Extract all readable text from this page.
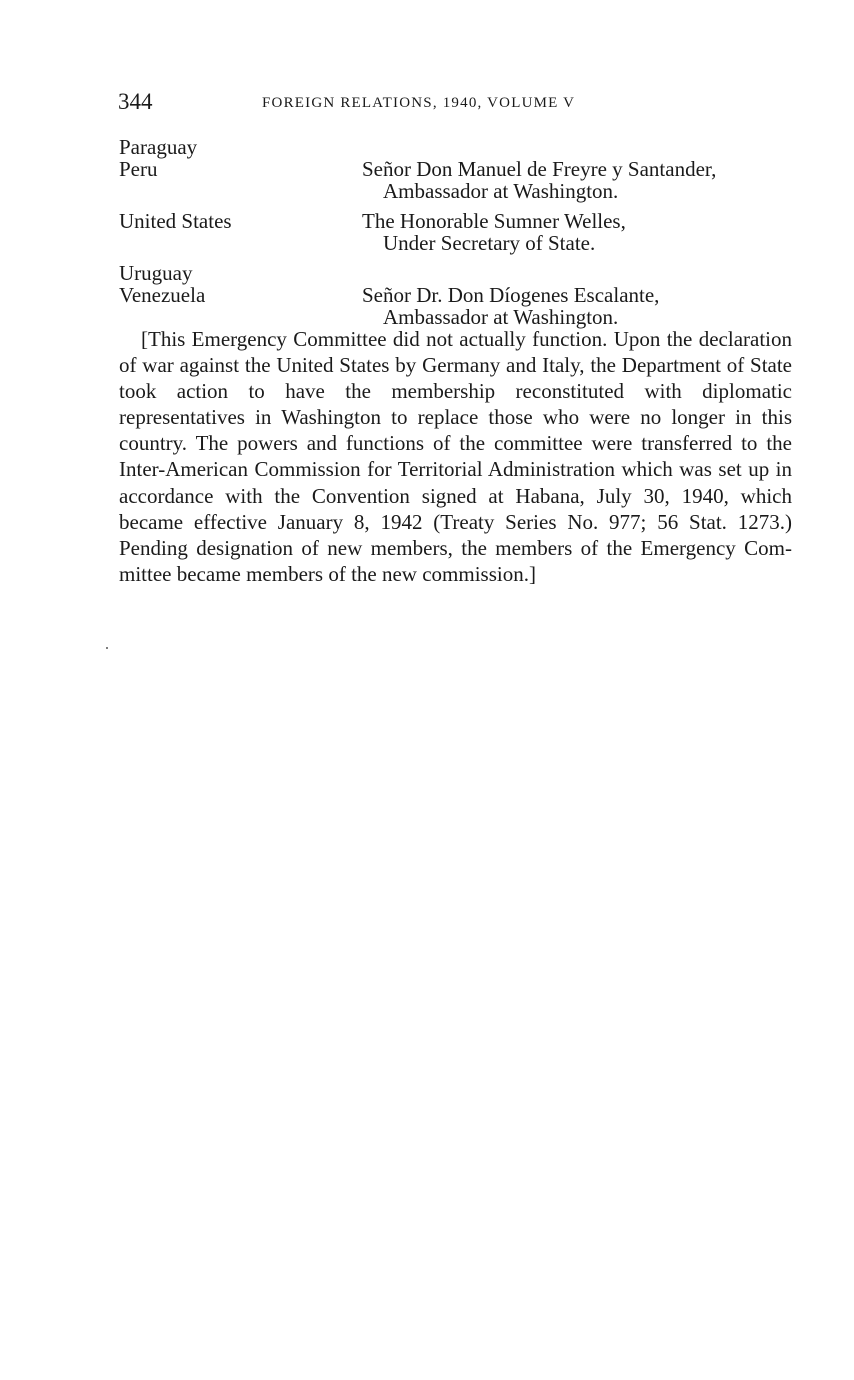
344	FOREIGN RELATIONS, 1940, VOLUME V
Paraguay
Peru	Señor Don Manuel de Freyre y Santander,
Ambassador at Washington.
United States	The Honorable Sumner Welles,
Under Secretary of State.
Uruguay
Venezuela	Señor Dr. Don Díogenes Escalante,
Ambassador at Washington.

[This Emergency Committee did not actually function. Upon the declaration of war against the United States by Germany and Italy, the Department of State took action to have the membership reconstituted with diplomatic representatives in Washington to replace those who were no longer in this country. The powers and functions of the committee were transferred to the Inter-American Commission for Territorial Administration which was set up in accordance with the Convention signed at Habana, July 30, 1940, which became effective January 8, 1942 (Treaty Series No. 977; 56 Stat. 1273.) Pending designation of new members, the members of the Emergency Committee became members of the new commission.]
